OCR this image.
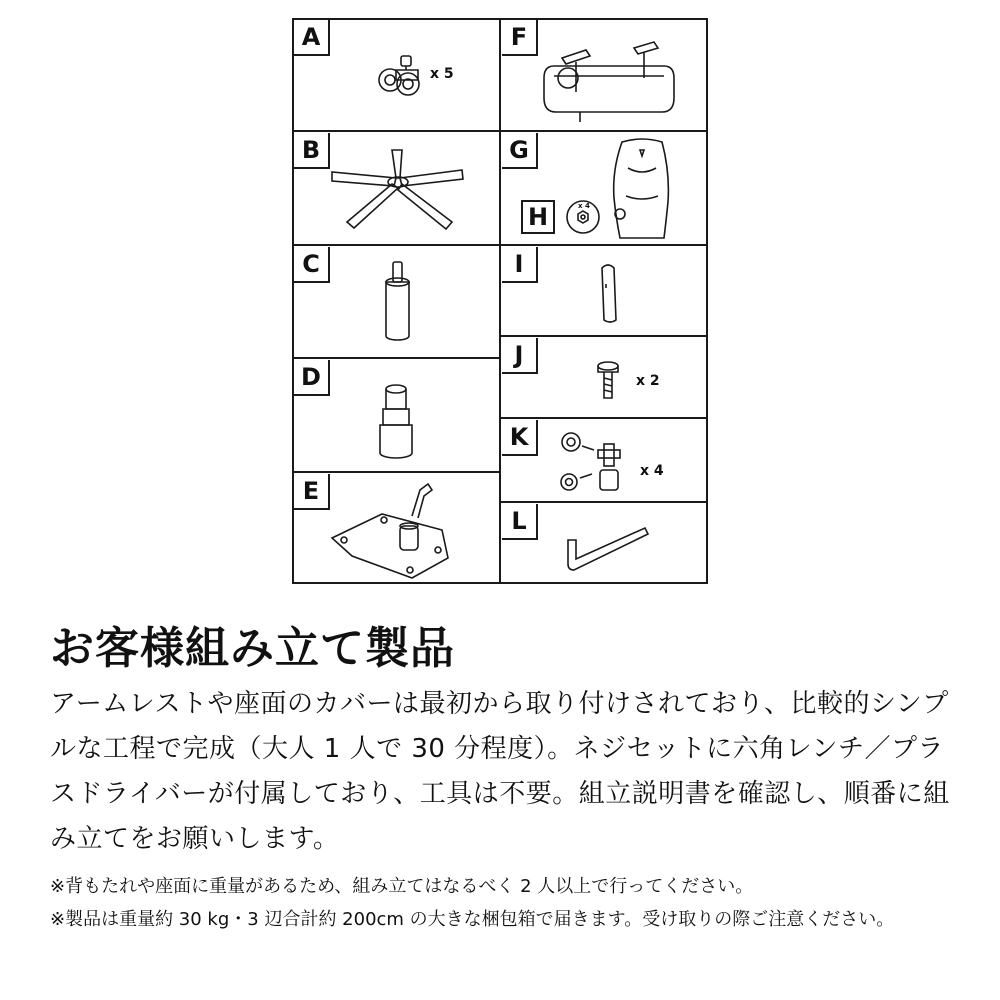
A
B
C
D
E
F
G
H
I
J
K
L
x 5
x 4
x 2
x 4
お客様組み立て製品

アームレストや座面のカバーは最初から取り付けされており、比較的シンプルな工程で完成（大人 1 人で 30 分程度）。ネジセットに六角レンチ／プラスドライバーが付属しており、工具は不要。組立説明書を確認し、順番に組み立てをお願いします。

※背もたれや座面に重量があるため、組み立てはなるべく 2 人以上で行ってください。

※製品は重量約 30 kg・3 辺合計約 200cm の大きな梱包箱で届きます。受け取りの際ご注意ください。
